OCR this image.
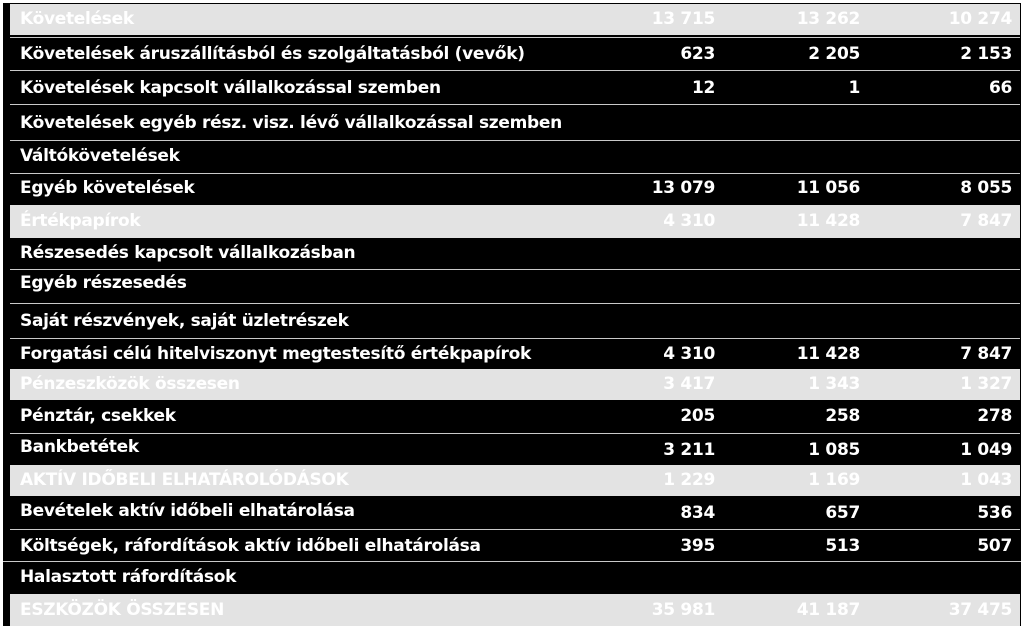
Követelések	13 715	13 262	10 274
Követelések áruszállításból és szolgáltatásból (vevők)	623	2 205	2 153
Követelések kapcsolt vállalkozással szemben	12	1	66
Követelések egyéb rész. visz. lévő vállalkozással szemben
Váltókövetelések
Egyéb követelések	13 079	11 056	8 055
Értékpapírok	4 310	11 428	7 847
Részesedés kapcsolt vállalkozásban
Egyéb részesedés
Saját részvények, saját üzletrészek
Forgatási célú hitelviszonyt megtestesítő értékpapírok	4 310	11 428	7 847
Pénzeszközök összesen	3 417	1 343	1 327
Pénztár, csekkek	205	258	278
Bankbetétek	3 211	1 085	1 049
AKTÍV IDŐBELI ELHATÁROLÓDÁSOK	1 229	1 169	1 043
Bevételek aktív időbeli elhatárolása	834	657	536
Költségek, ráfordítások aktív időbeli elhatárolása	395	513	507
Halasztott ráfordítások
ESZKÖZÖK ÖSSZESEN	35 981	41 187	37 475
